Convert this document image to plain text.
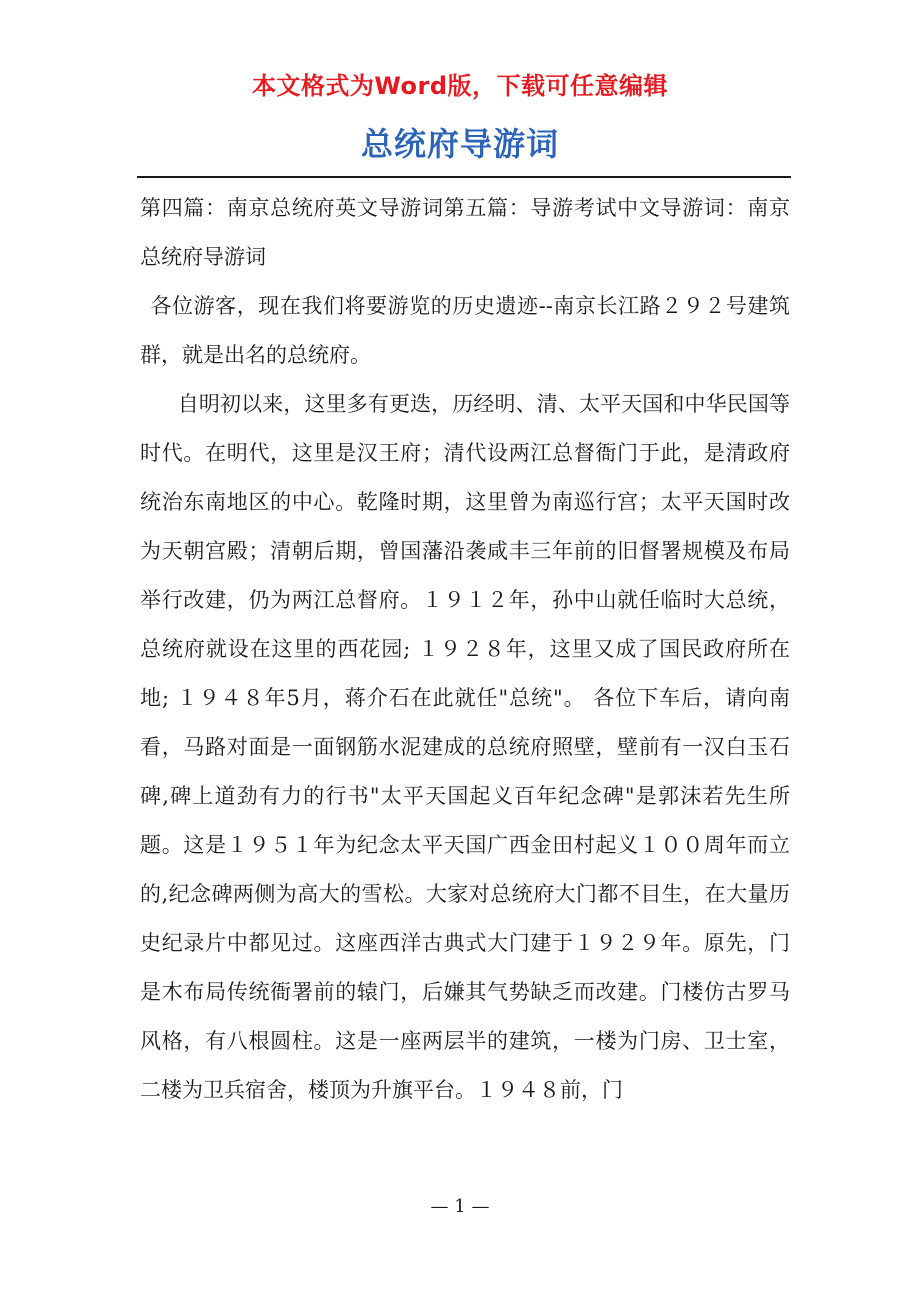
本文格式为Word版，下载可任意编辑
总统府导游词

第四篇：南京总统府英文导游词第五篇：导游考试中文导游词：南京总统府导游词

各位游客，现在我们将要游览的历史遗迹--南京长江路２９２号建筑群，就是出名的总统府。

自明初以来，这里多有更迭，历经明、清、太平天国和中华民国等时代。在明代，这里是汉王府；清代设两江总督衙门于此，是清政府统治东南地区的中心。乾隆时期，这里曾为南巡行宫；太平天国时改为天朝宫殿；清朝后期，曾国藩沿袭咸丰三年前的旧督署规模及布局举行改建，仍为两江总督府。１９１２年，孙中山就任临时大总统，总统府就设在这里的西花园; １９２８年，这里又成了国民政府所在地; １９４８年5月，蒋介石在此就任"总统"。 各位下车后，请向南看，马路对面是一面钢筋水泥建成的总统府照壁，壁前有一汉白玉石碑,碑上道劲有力的行书"太平天国起义百年纪念碑"是郭沫若先生所题。这是１９５１年为纪念太平天国广西金田村起义１００周年而立的,纪念碑两侧为高大的雪松。大家对总统府大门都不目生，在大量历史纪录片中都见过。这座西洋古典式大门建于１９２９年。原先，门是木布局传统衙署前的辕门，后嫌其气势缺乏而改建。门楼仿古罗马风格，有八根圆柱。这是一座两层半的建筑，一楼为门房、卫士室，二楼为卫兵宿舍，楼顶为升旗平台。１９４８前，门

— 1 —
